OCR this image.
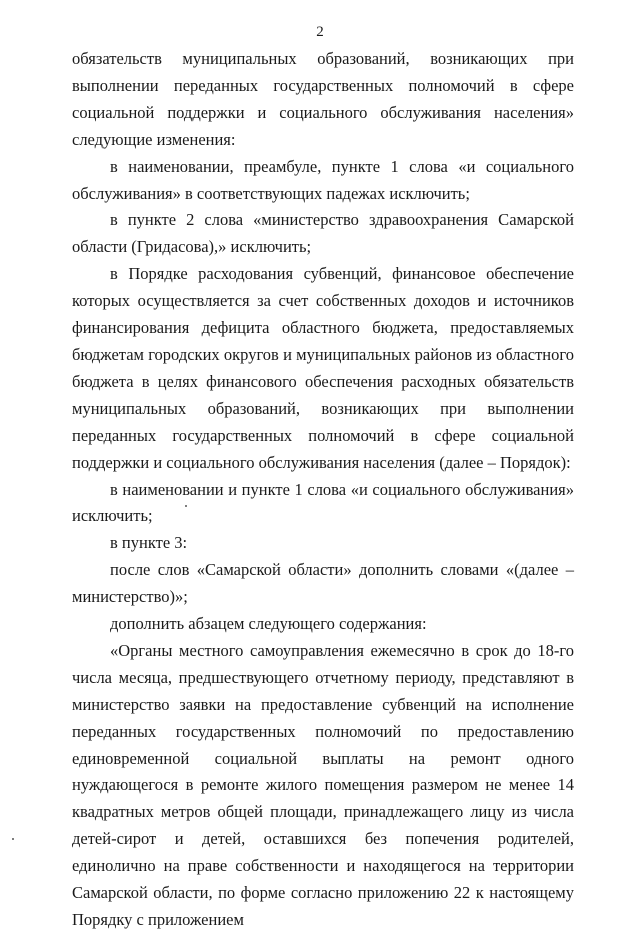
2

обязательств муниципальных образований, возникающих при выполнении переданных государственных полномочий в сфере социальной поддержки и социального обслуживания населения» следующие изменения:

в наименовании, преамбуле, пункте 1 слова «и социального обслуживания» в соответствующих падежах исключить;

в пункте 2 слова «министерство здравоохранения Самарской области (Гридасова),» исключить;

в Порядке расходования субвенций, финансовое обеспечение которых осуществляется за счет собственных доходов и источников финансирования дефицита областного бюджета, предоставляемых бюджетам городских округов и муниципальных районов из областного бюджета в целях финансового обеспечения расходных обязательств муниципальных образований, возникающих при выполнении переданных государственных полномочий в сфере социальной поддержки и социального обслуживания населения (далее – Порядок):

в наименовании и пункте 1 слова «и социального обслуживания» исключить;

в пункте 3:

после слов «Самарской области» дополнить словами «(далее – министерство)»;

дополнить абзацем следующего содержания:

«Органы местного самоуправления ежемесячно в срок до 18-го числа месяца, предшествующего отчетному периоду, представляют в министерство заявки на предоставление субвенций на исполнение переданных государственных полномочий по предоставлению единовременной социальной выплаты на ремонт одного нуждающегося в ремонте жилого помещения размером не менее 14 квадратных метров общей площади, принадлежащего лицу из числа детей-сирот и детей, оставшихся без попечения родителей, единолично на праве собственности и находящегося на территории Самарской области, по форме согласно приложению 22 к настоящему Порядку с приложением
